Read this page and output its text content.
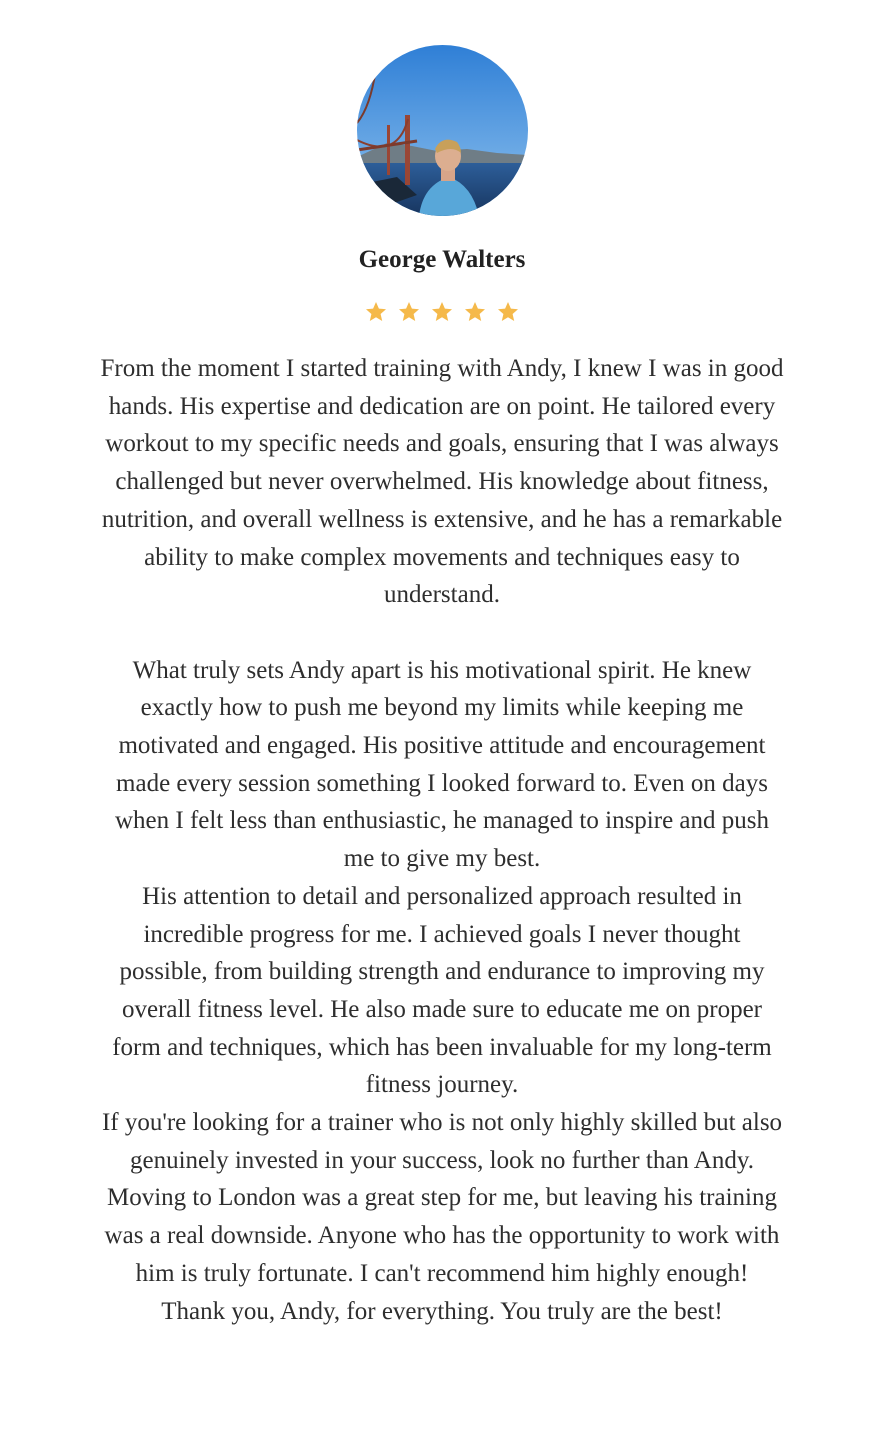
George Walters

From the moment I started training with Andy, I knew I was in good hands. His expertise and dedication are on point. He tailored every workout to my specific needs and goals, ensuring that I was always challenged but never overwhelmed. His knowledge about fitness, nutrition, and overall wellness is extensive, and he has a remarkable ability to make complex movements and techniques easy to understand.

What truly sets Andy apart is his motivational spirit. He knew exactly how to push me beyond my limits while keeping me motivated and engaged. His positive attitude and encouragement made every session something I looked forward to. Even on days when I felt less than enthusiastic, he managed to inspire and push me to give my best.

His attention to detail and personalized approach resulted in incredible progress for me. I achieved goals I never thought possible, from building strength and endurance to improving my overall fitness level. He also made sure to educate me on proper form and techniques, which has been invaluable for my long-term fitness journey.

If you're looking for a trainer who is not only highly skilled but also genuinely invested in your success, look no further than Andy. Moving to London was a great step for me, but leaving his training was a real downside. Anyone who has the opportunity to work with him is truly fortunate. I can't recommend him highly enough!

Thank you, Andy, for everything. You truly are the best!
